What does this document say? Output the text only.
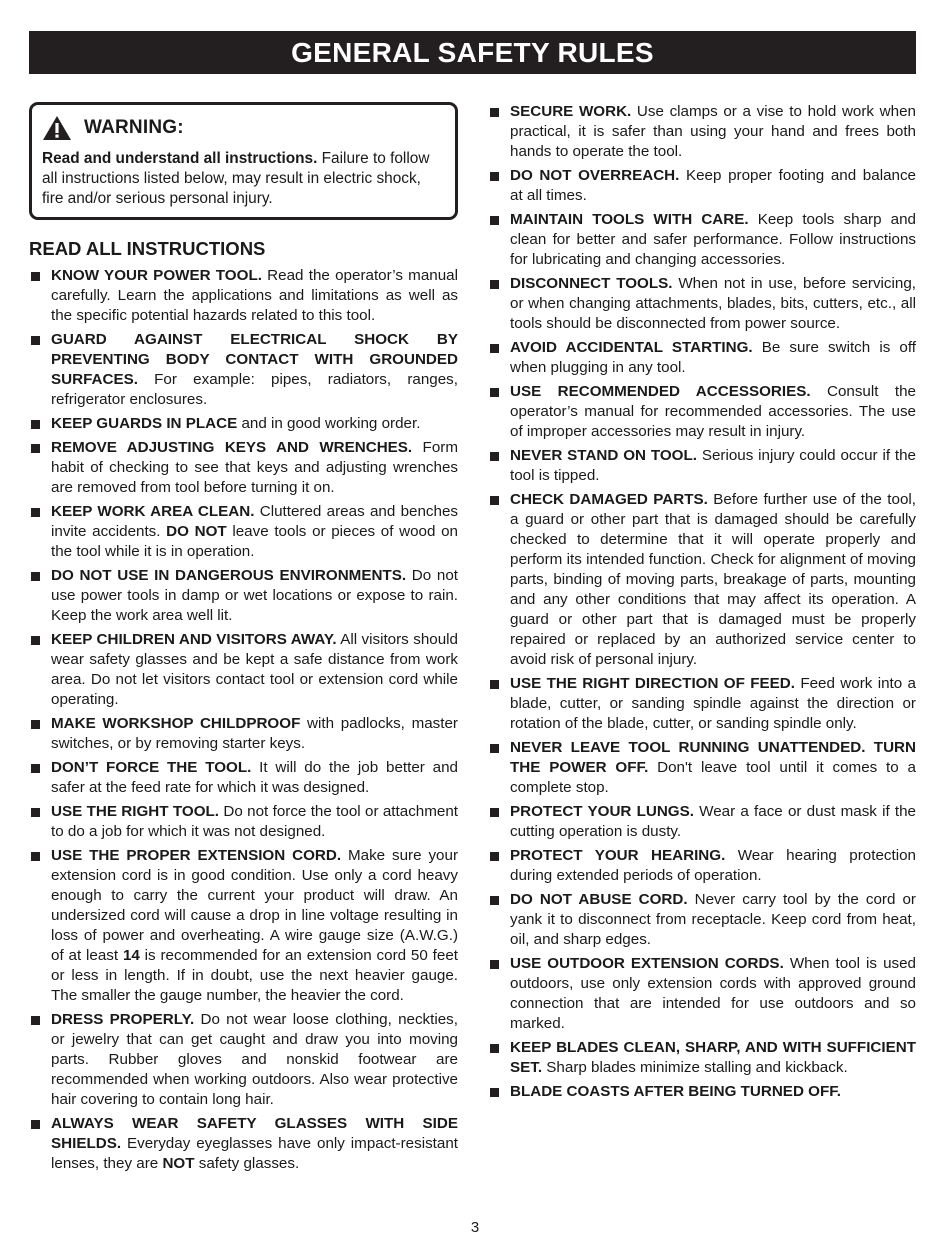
GENERAL SAFETY RULES
WARNING:
Read and understand all instructions. Failure to follow all instructions listed below, may result in electric shock, fire and/or serious personal injury.
READ ALL INSTRUCTIONS
KNOW YOUR POWER TOOL. Read the operator’s manual carefully. Learn the applications and limitations as well as the specific potential hazards related to this tool.
GUARD AGAINST ELECTRICAL SHOCK BY PREVENTING BODY CONTACT WITH GROUNDED SURFACES. For example: pipes, radiators, ranges, refrigerator enclosures.
KEEP GUARDS IN PLACE and in good working order.
REMOVE ADJUSTING KEYS AND WRENCHES. Form habit of checking to see that keys and adjusting wrenches are removed from tool before turning it on.
KEEP WORK AREA CLEAN. Cluttered areas and benches invite accidents. DO NOT leave tools or pieces of wood on the tool while it is in operation.
DO NOT USE IN DANGEROUS ENVIRONMENTS. Do not use power tools in damp or wet locations or expose to rain. Keep the work area well lit.
KEEP CHILDREN AND VISITORS AWAY. All visitors should wear safety glasses and be kept a safe distance from work area. Do not let visitors contact tool or extension cord while operating.
MAKE WORKSHOP CHILDPROOF with padlocks, master switches, or by removing starter keys.
DON’T FORCE THE TOOL. It will do the job better and safer at the feed rate for which it was designed.
USE THE RIGHT TOOL. Do not force the tool or attachment to do a job for which it was not designed.
USE THE PROPER EXTENSION CORD. Make sure your extension cord is in good condition. Use only a cord heavy enough to carry the current your product will draw. An undersized cord will cause a drop in line voltage resulting in loss of power and overheating. A wire gauge size (A.W.G.) of at least 14 is recommended for an extension cord 50 feet or less in length. If in doubt, use the next heavier gauge. The smaller the gauge number, the heavier the cord.
DRESS PROPERLY. Do not wear loose clothing, neckties, or jewelry that can get caught and draw you into moving parts. Rubber gloves and nonskid footwear are recommended when working outdoors. Also wear protective hair covering to contain long hair.
ALWAYS WEAR SAFETY GLASSES WITH SIDE SHIELDS. Everyday eyeglasses have only impact-resistant lenses, they are NOT safety glasses.
SECURE WORK. Use clamps or a vise to hold work when practical, it is safer than using your hand and frees both hands to operate the tool.
DO NOT OVERREACH. Keep proper footing and balance at all times.
MAINTAIN TOOLS WITH CARE. Keep tools sharp and clean for better and safer performance. Follow instructions for lubricating and changing accessories.
DISCONNECT TOOLS. When not in use, before servicing, or when changing attachments, blades, bits, cutters, etc., all tools should be disconnected from power source.
AVOID ACCIDENTAL STARTING. Be sure switch is off when plugging in any tool.
USE RECOMMENDED ACCESSORIES. Consult the operator’s manual for recommended accessories. The use of improper accessories may result in injury.
NEVER STAND ON TOOL. Serious injury could occur if the tool is tipped.
CHECK DAMAGED PARTS. Before further use of the tool, a guard or other part that is damaged should be carefully checked to determine that it will operate properly and perform its intended function. Check for alignment of moving parts, binding of moving parts, breakage of parts, mounting and any other conditions that may affect its operation. A guard or other part that is damaged must be properly repaired or replaced by an authorized service center to avoid risk of personal injury.
USE THE RIGHT DIRECTION OF FEED. Feed work into a blade, cutter, or sanding spindle against the direction or rotation of the blade, cutter, or sanding spindle only.
NEVER LEAVE TOOL RUNNING UNATTENDED. TURN THE POWER OFF. Don't leave tool until it comes to a complete stop.
PROTECT YOUR LUNGS. Wear a face or dust mask if the cutting operation is dusty.
PROTECT YOUR HEARING. Wear hearing protection during extended periods of operation.
DO NOT ABUSE CORD. Never carry tool by the cord or yank it to disconnect from receptacle. Keep cord from heat, oil, and sharp edges.
USE OUTDOOR EXTENSION CORDS. When tool is used outdoors, use only extension cords with approved ground connection that are intended for use outdoors and so marked.
KEEP BLADES CLEAN, SHARP, AND WITH SUFFICIENT SET. Sharp blades minimize stalling and kickback.
BLADE COASTS AFTER BEING TURNED OFF.
3
